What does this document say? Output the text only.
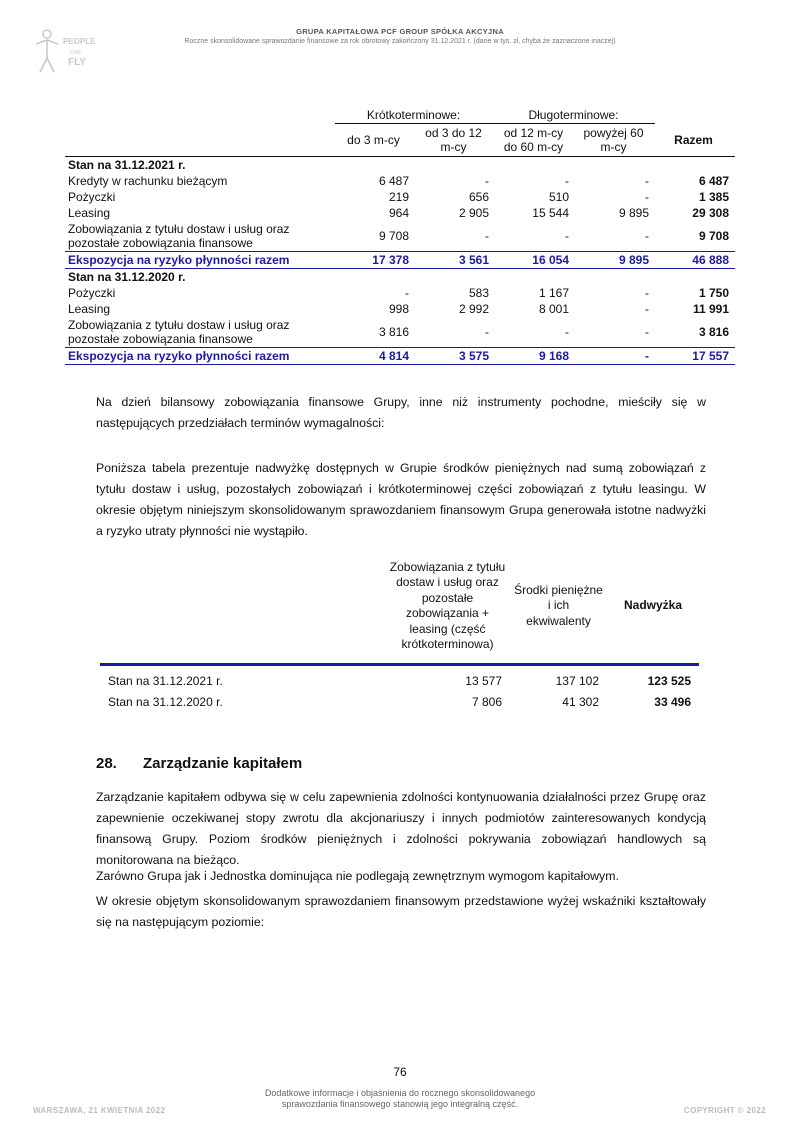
PEOPLE
CAN
FLY
GRUPA KAPITAŁOWA PCF GROUP SPÓŁKA AKCYJNA
Roczne skonsolidowane sprawozdanie finansowe za rok obrotowy zakończony 31.12.2021 r. (dane w tys. zł, chyba że zaznaczone inaczej)
	Krótkoterminowe:		Długoterminowe:		
	do 3 m-cy	od 3 do 12 m-cy	od 12 m-cy do 60 m-cy	powyżej 60 m-cy	Razem
Stan na 31.12.2021 r.					
Kredyty w rachunku bieżącym	6 487	-	-	-	6 487
Pożyczki	219	656	510	-	1 385
Leasing	964	2 905	15 544	9 895	29 308
Zobowiązania z tytułu dostaw i usług oraz pozostałe zobowiązania finansowe	9 708	-	-	-	9 708
Ekspozycja na ryzyko płynności razem	17 378	3 561	16 054	9 895	46 888
Stan na 31.12.2020 r.					
Pożyczki	-	583	1 167	-	1 750
Leasing	998	2 992	8 001	-	11 991
Zobowiązania z tytułu dostaw i usług oraz pozostałe zobowiązania finansowe	3 816	-	-	-	3 816
Ekspozycja na ryzyko płynności razem	4 814	3 575	9 168	-	17 557

Na dzień bilansowy zobowiązania finansowe Grupy, inne niż instrumenty pochodne, mieściły się w następujących przedziałach terminów wymagalności:

Poniższa tabela prezentuje nadwyżkę dostępnych w Grupie środków pieniężnych nad sumą zobowiązań z tytułu dostaw i usług, pozostałych zobowiązań i krótkoterminowej części zobowiązań z tytułu leasingu. W okresie objętym niniejszym skonsolidowanym sprawozdaniem finansowym Grupa generowała istotne nadwyżki a ryzyko utraty płynności nie wystąpiło.

	Zobowiązania z tytułu dostaw i usług oraz pozostałe zobowiązania + leasing (część krótkoterminowa)	Środki pieniężne i ich ekwiwalenty	Nadwyżka
Stan na 31.12.2021 r.	13 577	137 102	123 525
Stan na 31.12.2020 r.	7 806	41 302	33 496
28. Zarządzanie kapitałem

Zarządzanie kapitałem odbywa się w celu zapewnienia zdolności kontynuowania działalności przez Grupę oraz zapewnienie oczekiwanej stopy zwrotu dla akcjonariuszy i innych podmiotów zainteresowanych kondycją finansową Grupy. Poziom środków pieniężnych i zdolności pokrywania zobowiązań handlowych są monitorowana na bieżąco.

Zarówno Grupa jak i Jednostka dominująca nie podlegają zewnętrznym wymogom kapitałowym.

W okresie objętym skonsolidowanym sprawozdaniem finansowym przedstawione wyżej wskaźniki kształtowały się na następującym poziomie:

76
Dodatkowe informacje i objaśnienia do rocznego skonsolidowanego
sprawozdania finansowego stanowią jego integralną część.
WARSZAWA, 21 KWIETNIA 2022	COPYRIGHT © 2022
